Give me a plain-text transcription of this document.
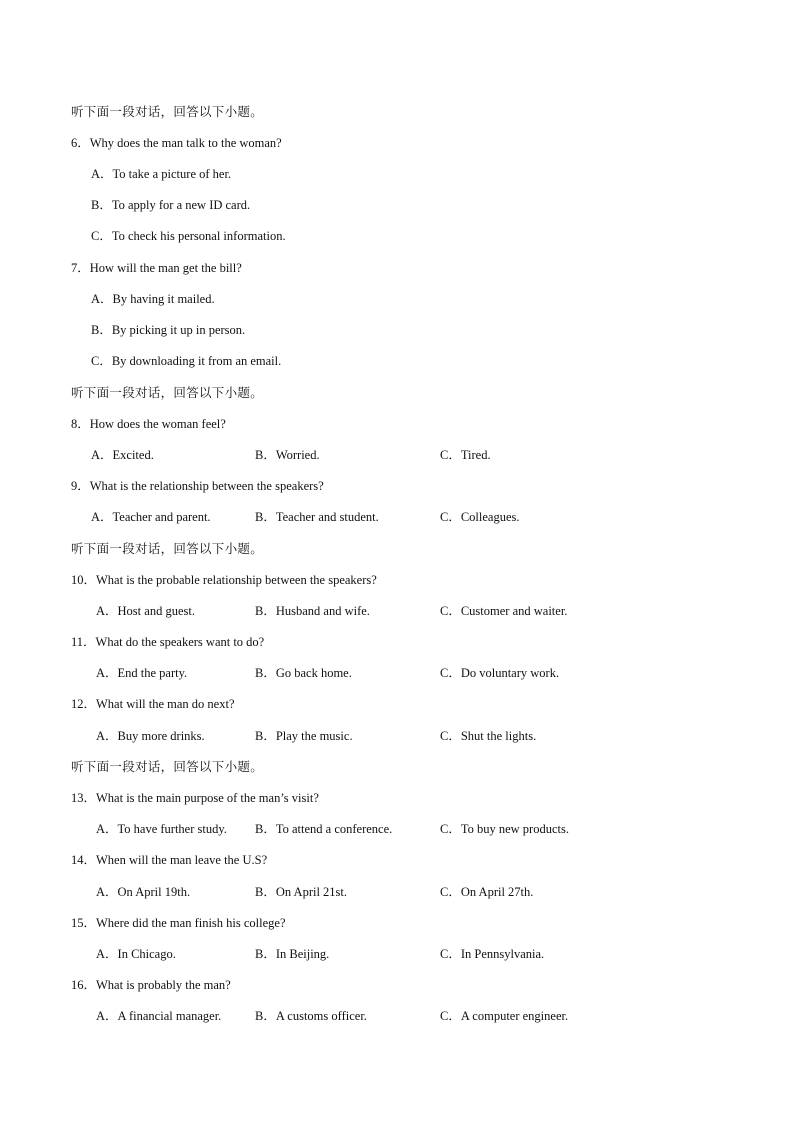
听下面一段对话，回答以下小题。
6．Why does the man talk to the woman?
A．To take a picture of her.
B．To apply for a new ID card.
C．To check his personal information.
7．How will the man get the bill?
A．By having it mailed.
B．By picking it up in person.
C．By downloading it from an email.
听下面一段对话，回答以下小题。
8．How does the woman feel?
A．Excited.	B．Worried.	C．Tired.
9．What is the relationship between the speakers?
A．Teacher and parent.	B．Teacher and student.	C．Colleagues.
听下面一段对话，回答以下小题。
10．What is the probable relationship between the speakers?
A．Host and guest.	B．Husband and wife.	C．Customer and waiter.
11．What do the speakers want to do?
A．End the party.	B．Go back home.	C．Do voluntary work.
12．What will the man do next?
A．Buy more drinks.	B．Play the music.	C．Shut the lights.
听下面一段对话，回答以下小题。
13．What is the main purpose of the man’s visit?
A．To have further study. B．To attend a conference.	C．To buy new products.
14．When will the man leave the U.S?
A．On April 19th.	B．On April 21st.	C．On April 27th.
15．Where did the man finish his college?
A．In Chicago.	B．In Beijing.	C．In Pennsylvania.
16．What is probably the man?
A．A financial manager.	B．A customs officer.	C．A computer engineer.
